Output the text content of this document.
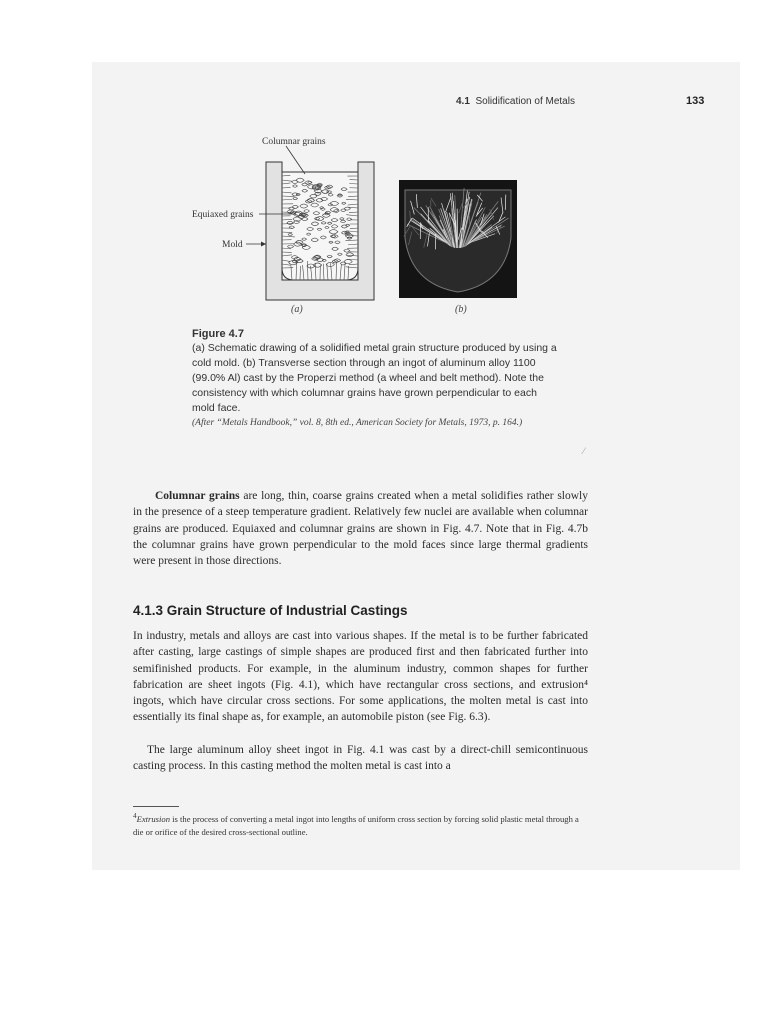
4.1 Solidification of Metals	133
Columnar grains
Equiaxed grains
Mold
(a)	(b)

Figure 4.7

(a) Schematic drawing of a solidified metal grain structure produced by using a cold mold. (b) Transverse section through an ingot of aluminum alloy 1100 (99.0% Al) cast by the Properzi method (a wheel and belt method). Note the consistency with which columnar grains have grown perpendicular to each mold face.

(After “Metals Handbook,” vol. 8, 8th ed., American Society for Metals, 1973, p. 164.)
⁄

Columnar grains are long, thin, coarse grains created when a metal solidifies rather slowly in the presence of a steep temperature gradient. Relatively few nuclei are available when columnar grains are produced. Equiaxed and columnar grains are shown in Fig. 4.7. Note that in Fig. 4.7b the columnar grains have grown perpendicular to the mold faces since large thermal gradients were present in those directions.

4.1.3 Grain Structure of Industrial Castings

In industry, metals and alloys are cast into various shapes. If the metal is to be further fabricated after casting, large castings of simple shapes are produced first and then fabricated further into semifinished products. For example, in the aluminum industry, common shapes for further fabrication are sheet ingots (Fig. 4.1), which have rectangular cross sections, and extrusion⁴ ingots, which have circular cross sections. For some applications, the molten metal is cast into essentially its final shape as, for example, an automobile piston (see Fig. 6.3).

The large aluminum alloy sheet ingot in Fig. 4.1 was cast by a direct-chill semicontinuous casting process. In this casting method the molten metal is cast into a

$^4$Extrusion is the process of converting a metal ingot into lengths of uniform cross section by forcing solid plastic metal through a die or orifice of the desired cross-sectional outline.
